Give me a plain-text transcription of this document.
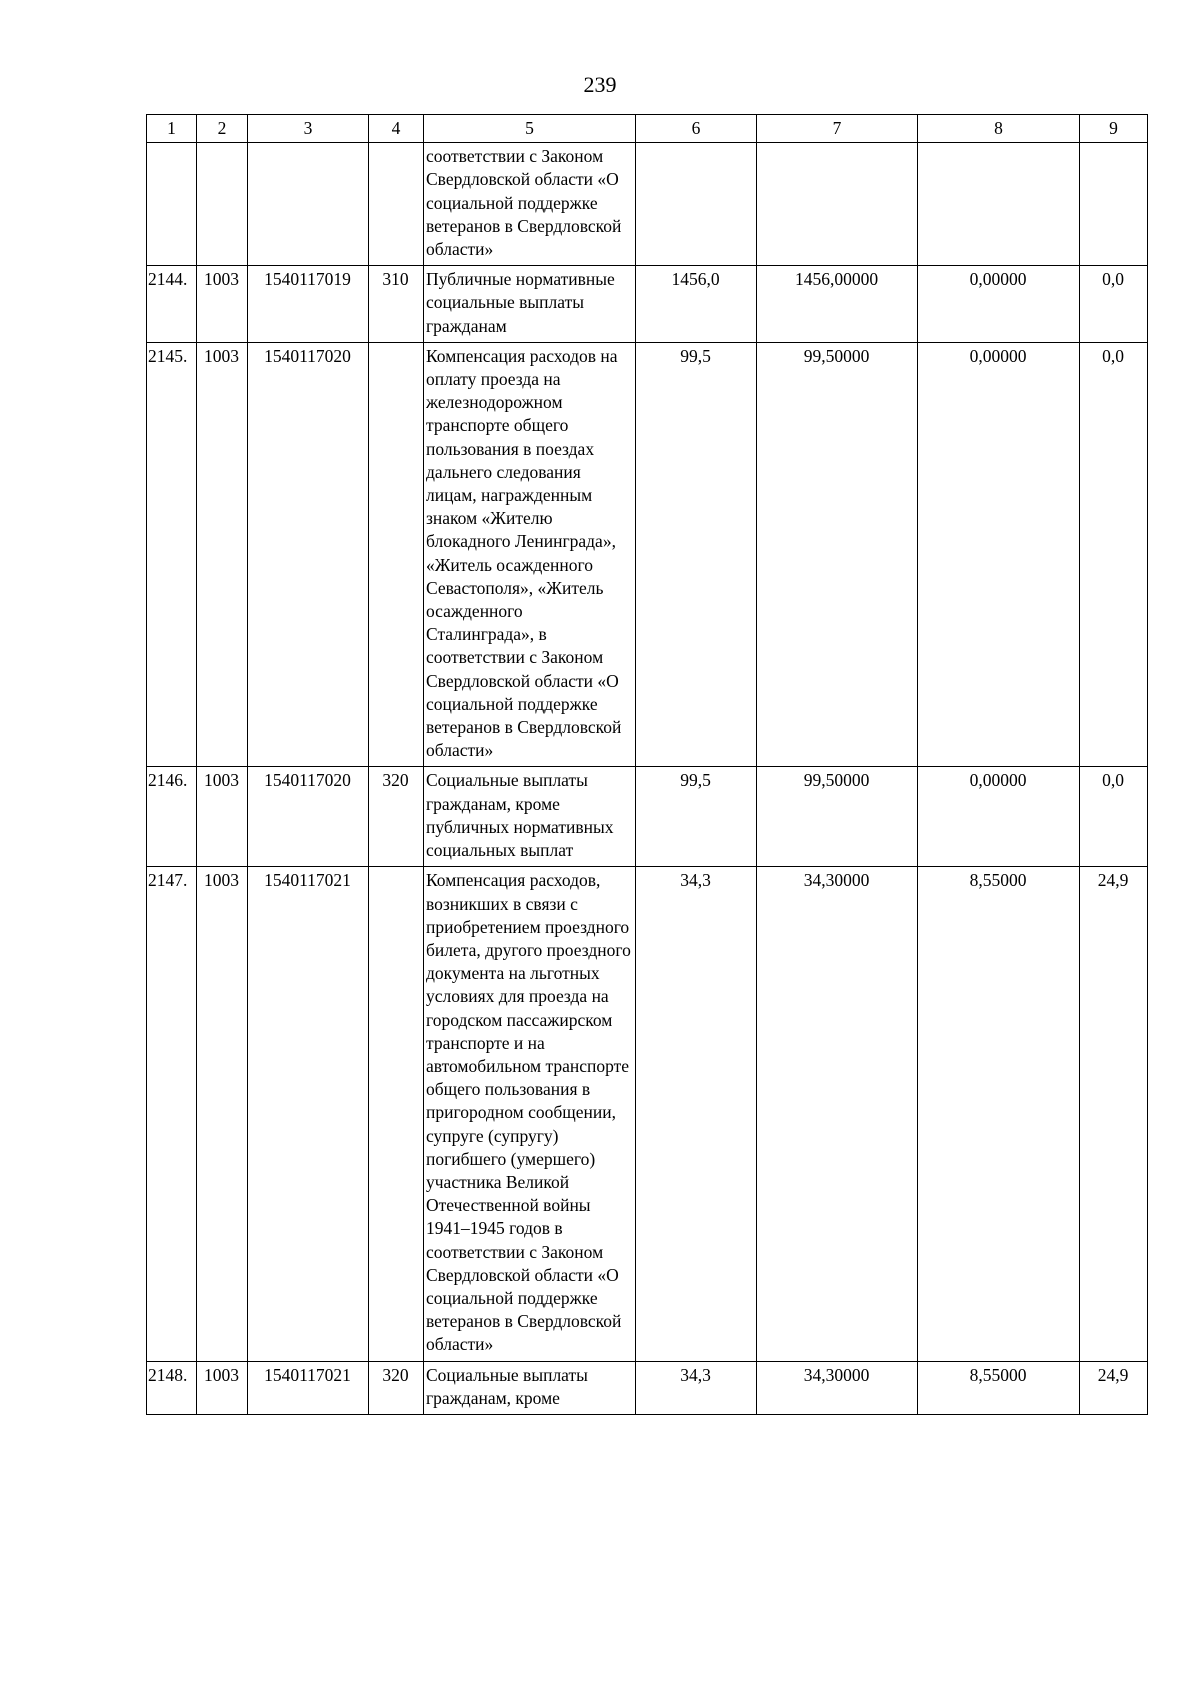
239
1	2	3	4	5	6	7	8	9
				соответствии с Законом Свердловской области «О социальной поддержке ветеранов в Свердловской области»				
2144.	1003	1540117019	310	Публичные нормативные социальные выплаты гражданам	1456,0	1456,00000	0,00000	0,0
2145.	1003	1540117020		Компенсация расходов на оплату проезда на железнодорожном транспорте общего пользования в поездах дальнего следования лицам, награжденным знаком «Жителю блокадного Ленинграда», «Житель осажденного Севастополя», «Житель осажденного Сталинграда», в соответствии с Законом Свердловской области «О социальной поддержке ветеранов в Свердловской области»	99,5	99,50000	0,00000	0,0
2146.	1003	1540117020	320	Социальные выплаты гражданам, кроме публичных нормативных социальных выплат	99,5	99,50000	0,00000	0,0
2147.	1003	1540117021		Компенсация расходов, возникших в связи с приобретением проездного билета, другого проездного документа на льготных условиях для проезда на городском пассажирском транспорте и на автомобильном транспорте общего пользования в пригородном сообщении, супруге (супругу) погибшего (умершего) участника Великой Отечественной войны 1941–1945 годов в соответствии с Законом Свердловской области «О социальной поддержке ветеранов в Свердловской области»	34,3	34,30000	8,55000	24,9
2148.	1003	1540117021	320	Социальные выплаты гражданам, кроме	34,3	34,30000	8,55000	24,9
